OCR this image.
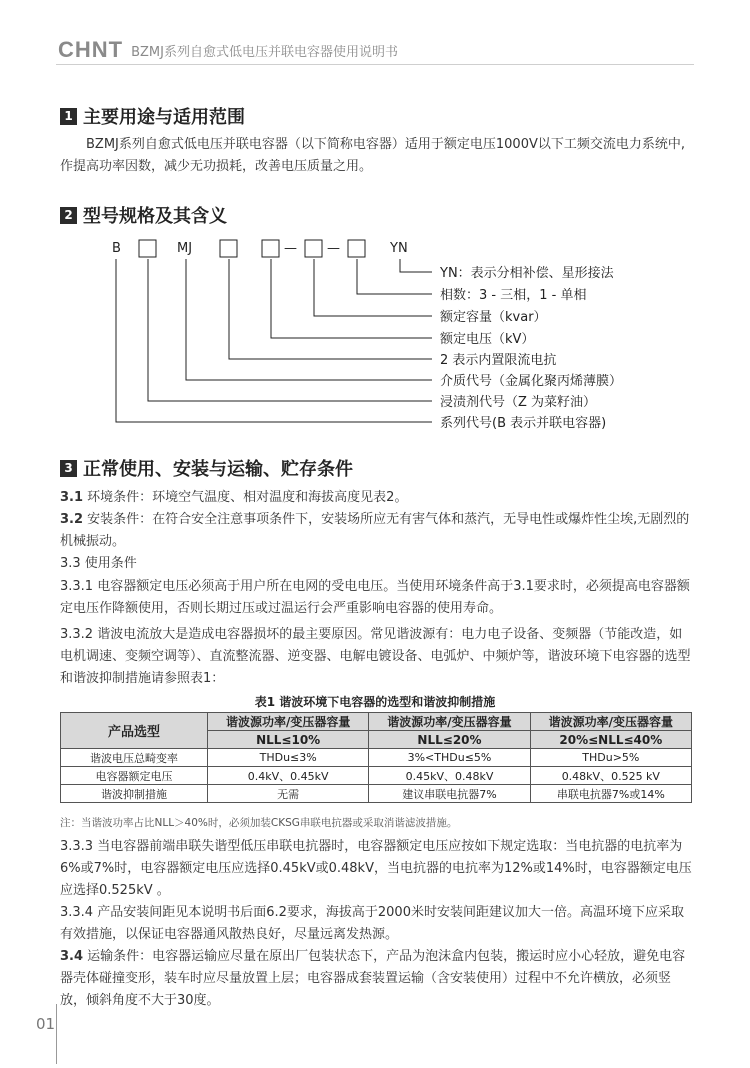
CHNT BZMJ系列自愈式低电压并联电容器使用说明书
1 主要用途与适用范围
BZMJ系列自愈式低电压并联电容器（以下简称电容器）适用于额定电压1000V以下工频交流电力系统中,作提高功率因数，减少无功损耗，改善电压质量之用。
2 型号规格及其含义
B	MJ	— —	YN
YN：表示分相补偿、星形接法
相数：3 - 三相，1 - 单相
额定容量（kvar）
额定电压（kV）
2 表示内置限流电抗
介质代号（金属化聚丙烯薄膜）
浸渍剂代号（Z 为菜籽油）
系列代号(B 表示并联电容器)
3 正常使用、安装与运输、贮存条件
3.1 环境条件：环境空气温度、相对温度和海拔高度见表2。
3.2 安装条件：在符合安全注意事项条件下，安装场所应无有害气体和蒸汽，无导电性或爆炸性尘埃,无剧烈的机械振动。
3.3 使用条件
3.3.1 电容器额定电压必须高于用户所在电网的受电电压。当使用环境条件高于3.1要求时，必须提高电容器额定电压作降额使用，否则长期过压或过温运行会严重影响电容器的使用寿命。
3.3.2 谐波电流放大是造成电容器损坏的最主要原因。常见谐波源有：电力电子设备、变频器（节能改造，如电机调速、变频空调等）、直流整流器、逆变器、电解电镀设备、电弧炉、中频炉等，谐波环境下电容器的选型和谐波抑制措施请参照表1：
表1 谐波环境下电容器的选型和谐波抑制措施
产品选型	谐波源功率/变压器容量	谐波源功率/变压器容量	谐波源功率/变压器容量
	NLL≤10%	NLL≤20%	20%≤NLL≤40%
谐波电压总畸变率	THDu≤3%	3%<THDu≤5%	THDu>5%
电容器额定电压	0.4kV、0.45kV	0.45kV、0.48kV	0.48kV、0.525 kV
谐波抑制措施	无需	建议串联电抗器7%	串联电抗器7%或14%
注：当谐波功率占比NLL＞40%时，必须加装CKSG串联电抗器或采取消谐滤波措施。
3.3.3 当电容器前端串联失谐型低压串联电抗器时，电容器额定电压应按如下规定选取：当电抗器的电抗率为6%或7%时，电容器额定电压应选择0.45kV或0.48kV，当电抗器的电抗率为12%或14%时，电容器额定电压应选择0.525kV 。
3.3.4 产品安装间距见本说明书后面6.2要求，海拔高于2000米时安装间距建议加大一倍。高温环境下应采取有效措施，以保证电容器通风散热良好，尽量远离发热源。
3.4 运输条件：电容器运输应尽量在原出厂包装状态下，产品为泡沫盒内包装，搬运时应小心轻放，避免电容器壳体碰撞变形，装车时应尽量放置上层；电容器成套装置运输（含安装使用）过程中不允许横放，必须竖放，倾斜角度不大于30度。
01
